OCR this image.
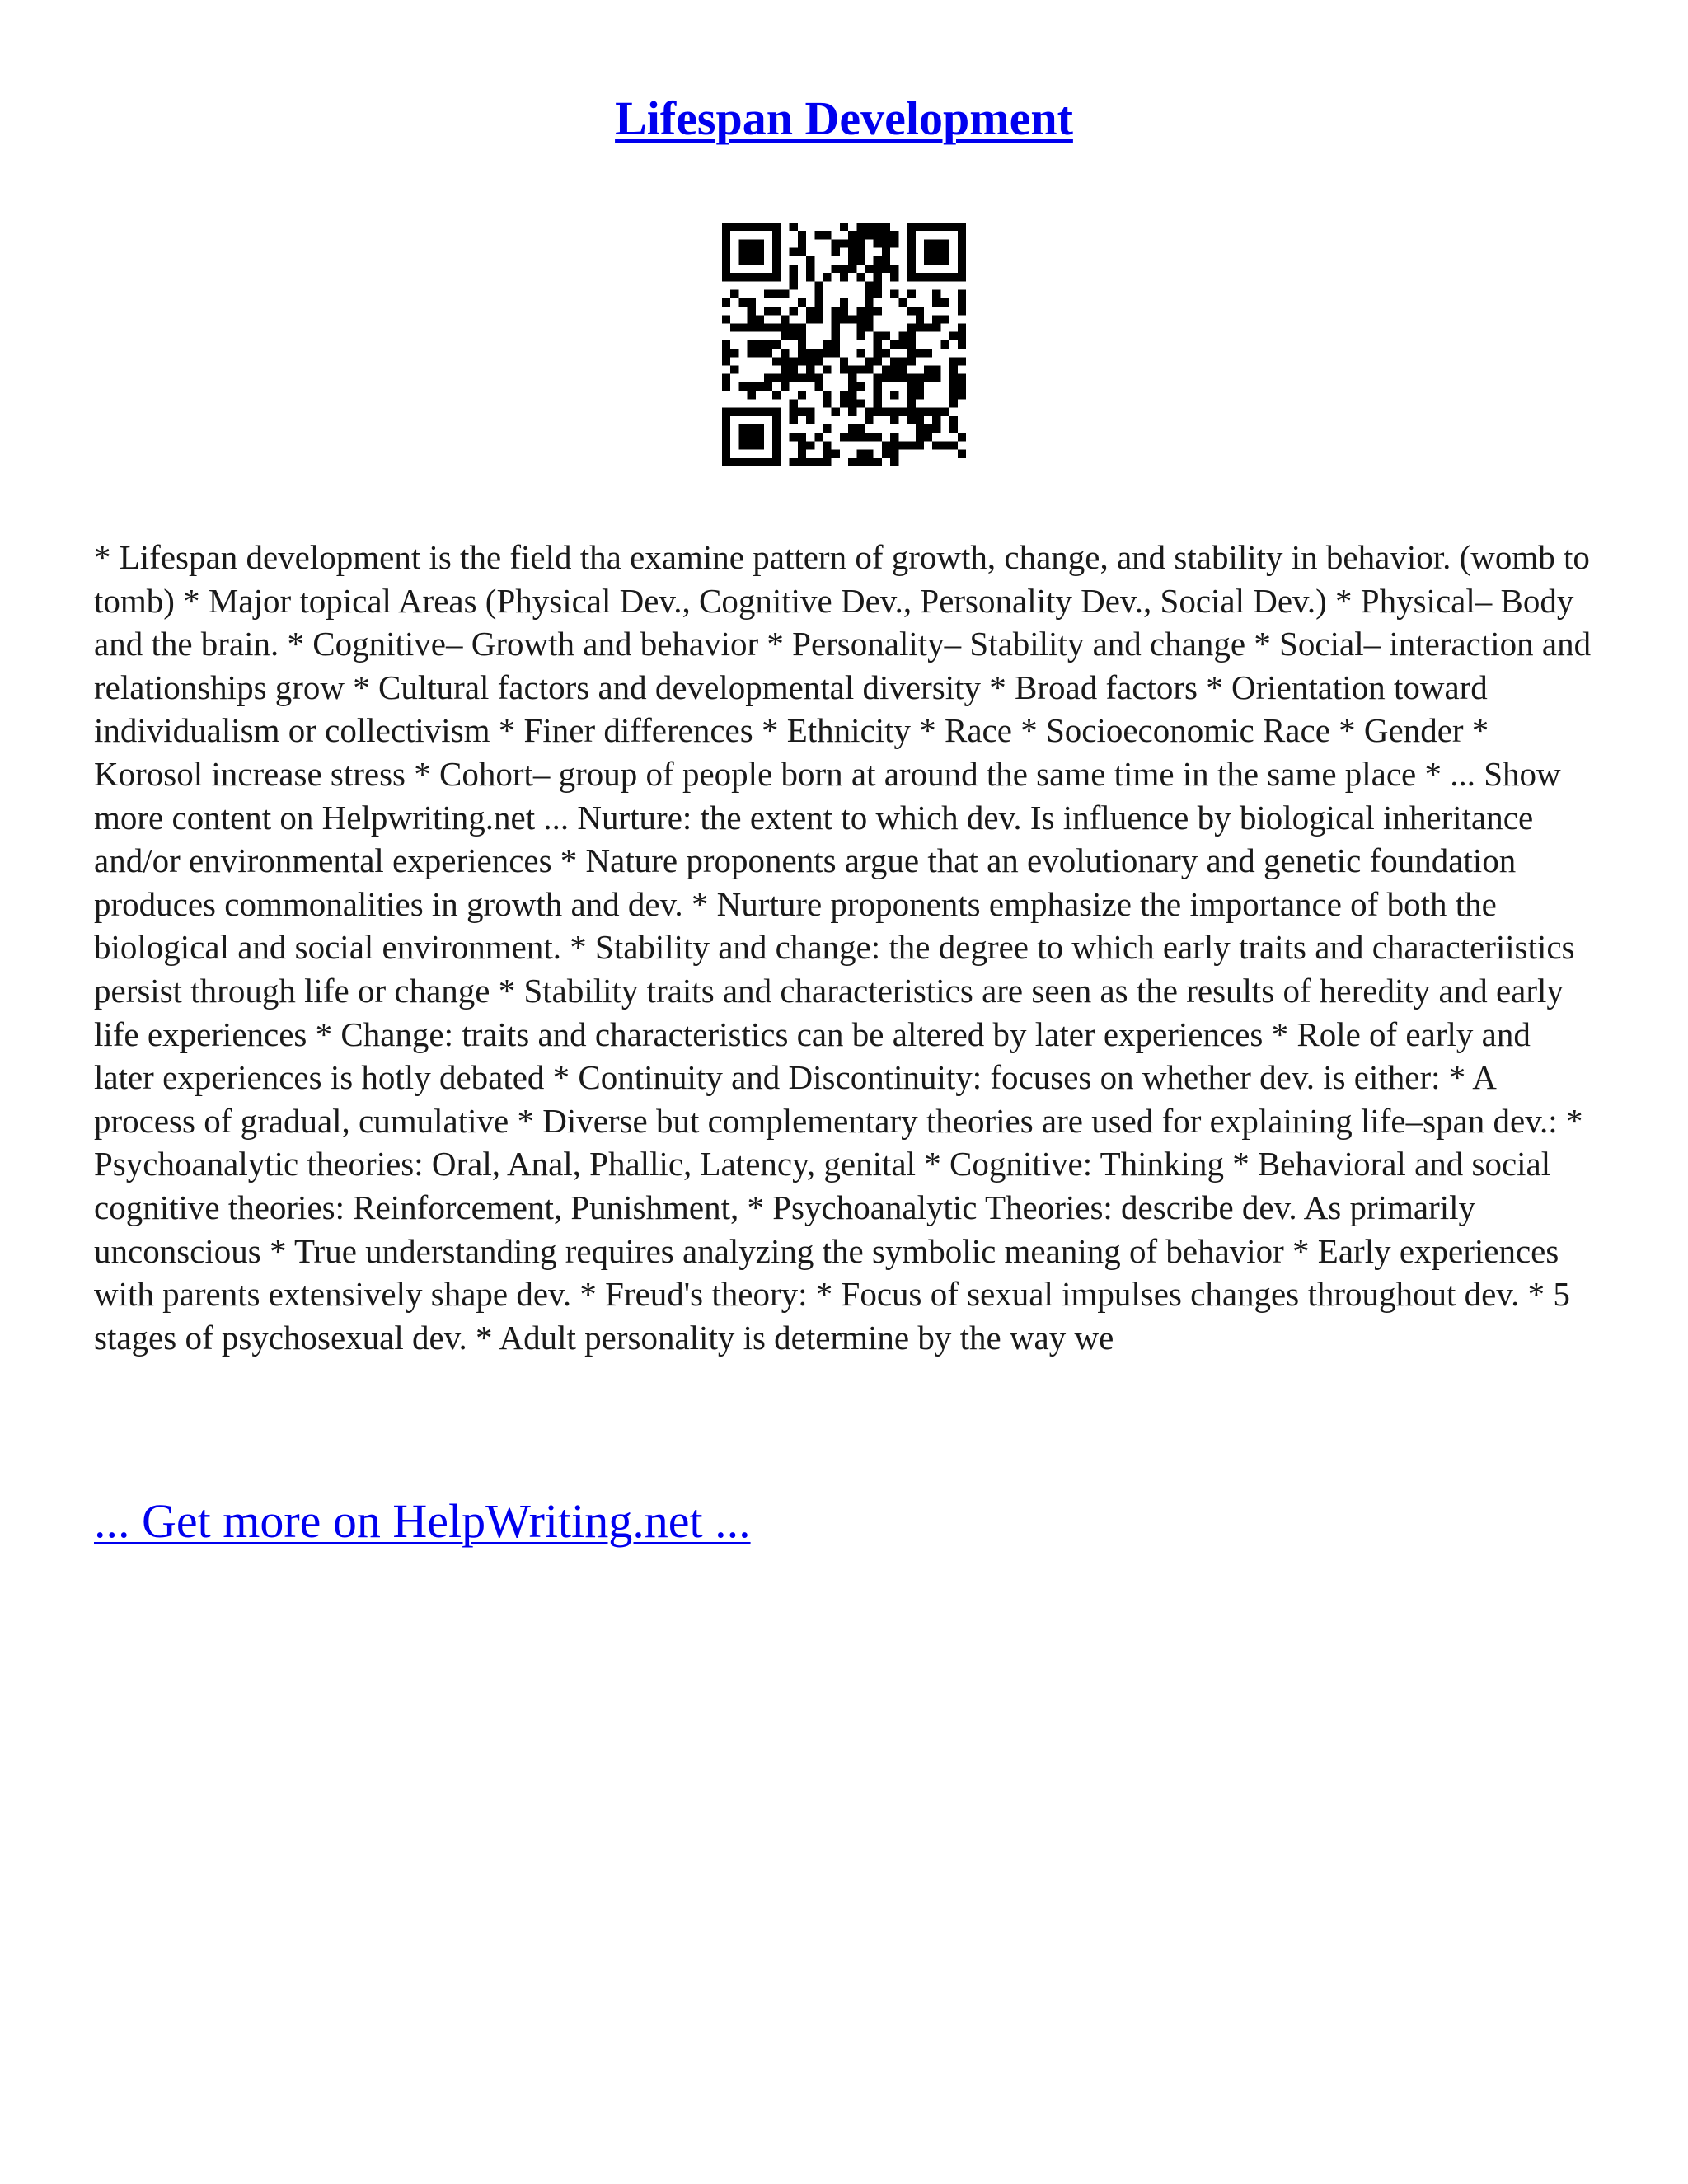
Lifespan Development

* Lifespan development is the field tha examine pattern of growth, change, and stability in behavior. (womb to tomb) * Major topical Areas (Physical Dev., Cognitive Dev., Personality Dev., Social Dev.) * Physical– Body and the brain. * Cognitive– Growth and behavior * Personality– Stability and change * Social– interaction and relationships grow * Cultural factors and developmental diversity * Broad factors * Orientation toward individualism or collectivism * Finer differences * Ethnicity * Race * Socioeconomic Race * Gender * Korosol increase stress * Cohort– group of people born at around the same time in the same place * ... Show more content on Helpwriting.net ... Nurture: the extent to which dev. Is influence by biological inheritance and/or environmental experiences * Nature proponents argue that an evolutionary and genetic foundation produces commonalities in growth and dev. * Nurture proponents emphasize the importance of both the biological and social environment. * Stability and change: the degree to which early traits and characteriistics persist through life or change * Stability traits and characteristics are seen as the results of heredity and early life experiences * Change: traits and characteristics can be altered by later experiences * Role of early and later experiences is hotly debated * Continuity and Discontinuity: focuses on whether dev. is either: * A process of gradual, cumulative * Diverse but complementary theories are used for explaining life–span dev.: * Psychoanalytic theories: Oral, Anal, Phallic, Latency, genital * Cognitive: Thinking * Behavioral and social cognitive theories: Reinforcement, Punishment, * Psychoanalytic Theories: describe dev. As primarily unconscious * True understanding requires analyzing the symbolic meaning of behavior * Early experiences with parents extensively shape dev. * Freud's theory: * Focus of sexual impulses changes throughout dev. * 5 stages of psychosexual dev. * Adult personality is determine by the way we

... Get more on HelpWriting.net ...
